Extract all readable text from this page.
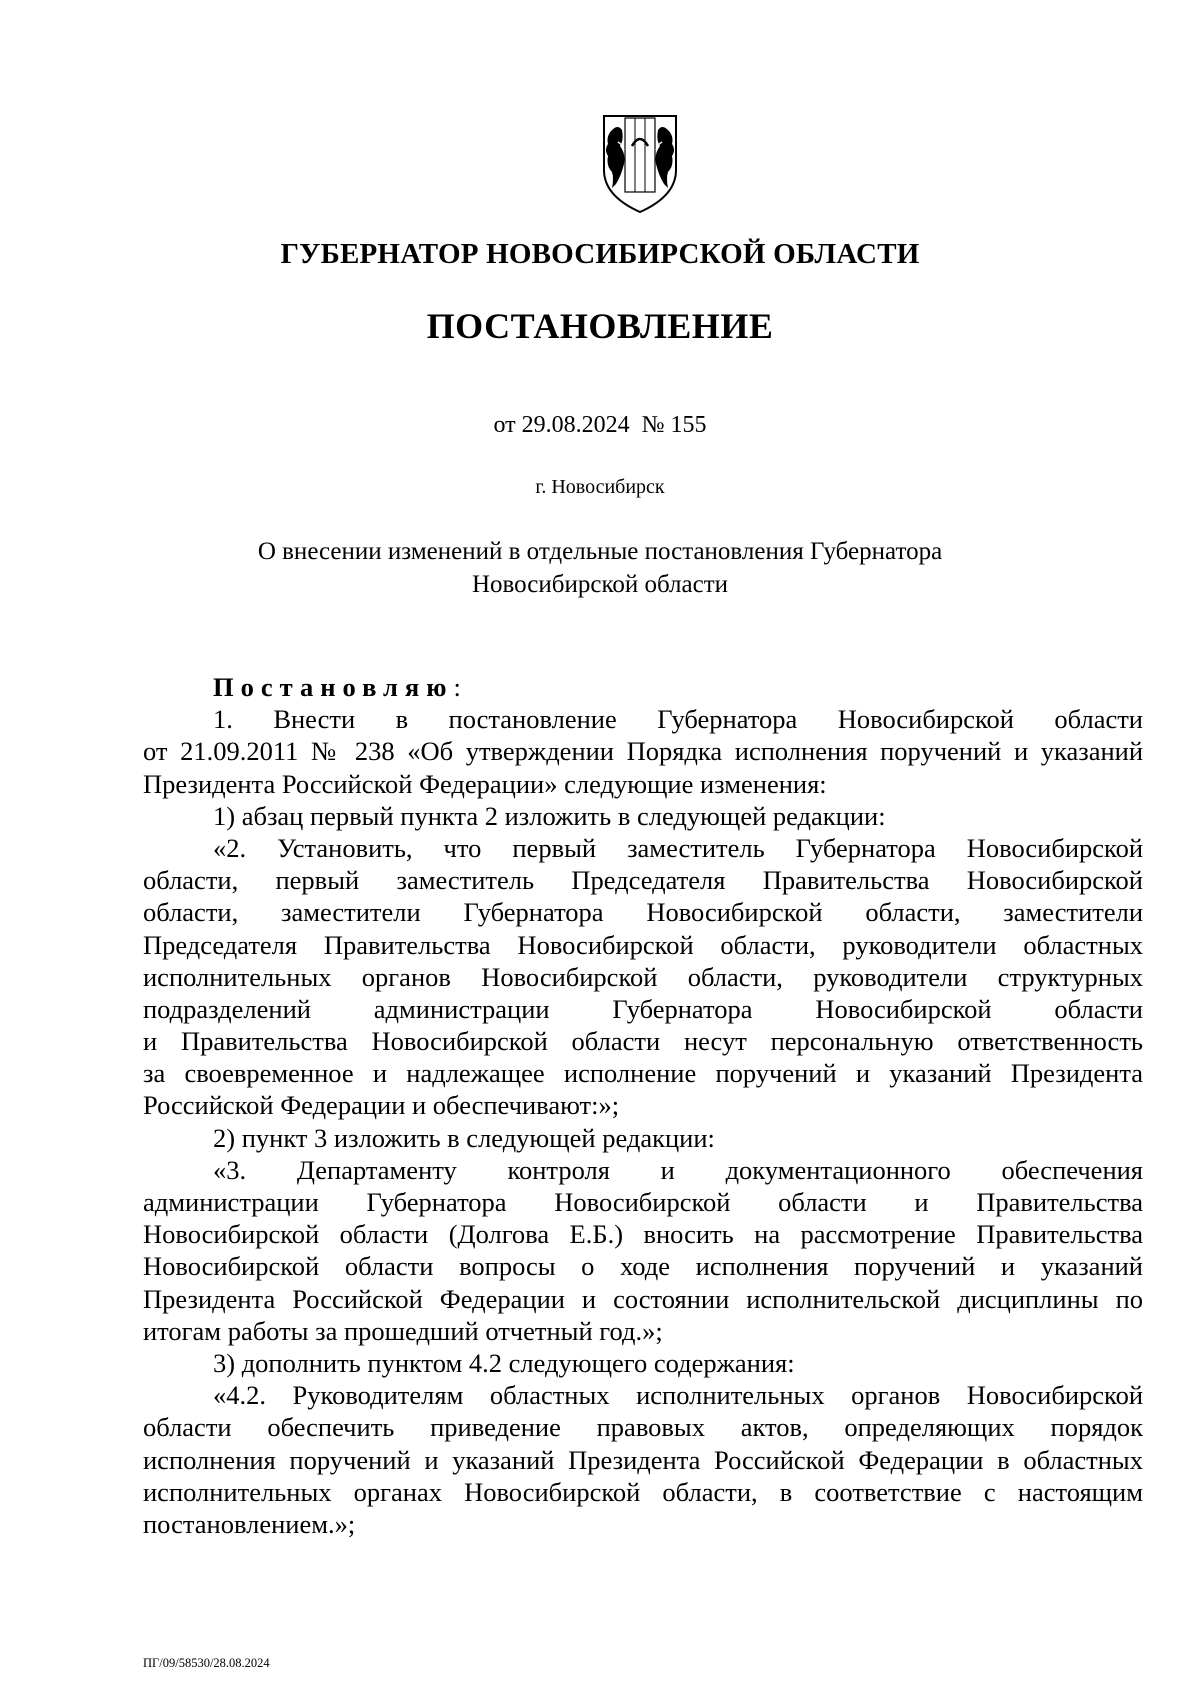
ГУБЕРНАТОР НОВОСИБИРСКОЙ ОБЛАСТИ
ПОСТАНОВЛЕНИЕ
от 29.08.2024  № 155
г. Новосибирск
О внесении изменений в отдельные постановления Губернатора
Новосибирской области
Постановляю:
1. Внести в постановление Губернатора Новосибирской области
от 21.09.2011 № 238 «Об утверждении Порядка исполнения поручений и указаний
Президента Российской Федерации» следующие изменения:
1) абзац первый пункта 2 изложить в следующей редакции:
«2. Установить, что первый заместитель Губернатора Новосибирской
области, первый заместитель Председателя Правительства Новосибирской
области, заместители Губернатора Новосибирской области, заместители
Председателя Правительства Новосибирской области, руководители областных
исполнительных органов Новосибирской области, руководители структурных
подразделений администрации Губернатора Новосибирской области
и Правительства Новосибирской области несут персональную ответственность
за своевременное и надлежащее исполнение поручений и указаний Президента
Российской Федерации и обеспечивают:»;
2) пункт 3 изложить в следующей редакции:
«3. Департаменту контроля и документационного обеспечения
администрации Губернатора Новосибирской области и Правительства
Новосибирской области (Долгова Е.Б.) вносить на рассмотрение Правительства
Новосибирской области вопросы о ходе исполнения поручений и указаний
Президента Российской Федерации и состоянии исполнительской дисциплины по
итогам работы за прошедший отчетный год.»;
3) дополнить пунктом 4.2 следующего содержания:
«4.2. Руководителям областных исполнительных органов Новосибирской
области обеспечить приведение правовых актов, определяющих порядок
исполнения поручений и указаний Президента Российской Федерации в областных
исполнительных органах Новосибирской области, в соответствие с настоящим
постановлением.»;
ПГ/09/58530/28.08.2024
